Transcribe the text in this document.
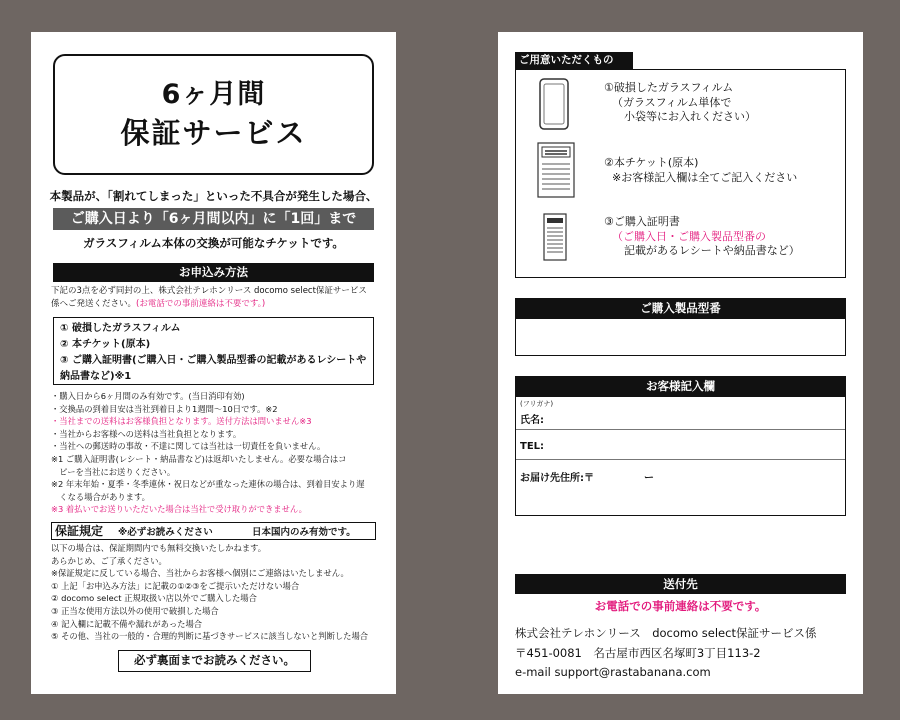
6ヶ月間
保証サービス
本製品が、「割れてしまった」といった不具合が発生した場合、
ご購入日より「6ヶ月間以内」に「1回」まで
ガラスフィルム本体の交換が可能なチケットです。
お申込み方法
下記の3点を必ず同封の上、株式会社テレホンリース docomo select保証サービス
係へご発送ください。(お電話での事前連絡は不要です。)
① 破損したガラスフィルム
② 本チケット(原本)
③ ご購入証明書(ご購入日・ご購入製品型番の記載があるレシートや
納品書など)※1
・購入日から6ヶ月間のみ有効です。(当日消印有効)
・交換品の到着目安は当社到着日より1週間〜10日です。※2
・当社までの送料はお客様負担となります。送付方法は問いません※3
・当社からお客様への送料は当社負担となります。
・当社への郵送時の事故・不達に関しては当社は一切責任を負いません。
※1 ご購入証明書(レシート・納品書など)は返却いたしません。必要な場合はコ
　ピーを当社にお送りください。
※2 年末年始・夏季・冬季連休・祝日などが重なった連休の場合は、到着目安より遅
　くなる場合があります。
※3 着払いでお送りいただいた場合は当社で受け取りができません。
保証規定 ※必ずお読みください	日本国内のみ有効です。
以下の場合は、保証期間内でも無料交換いたしかねます。
あらかじめ、ご了承ください。
※保証規定に反している場合、当社からお客様へ個別にご連絡はいたしません。
① 上記「お申込み方法」に記載の①②③をご提示いただけない場合
② docomo select 正規取扱い店以外でご購入した場合
③ 正当な使用方法以外の使用で破損した場合
④ 記入欄に記載不備や漏れがあった場合
⑤ その他、当社の一般的・合理的判断に基づきサービスに該当しないと判断した場合
必ず裏面までお読みください。
ご用意いただくもの
①破損したガラスフィルム
（ガラスフィルム単体で
小袋等にお入れください）
②本チケット(原本)
※お客様記入欄は全てご記入ください
③ご購入証明書
（ご購入日・ご購入製品型番の
記載があるレシートや納品書など）
ご購入製品型番
お客様記入欄
(フリガナ)
氏名:
TEL:
お届け先住所:〒	ー
送付先
お電話での事前連絡は不要です。
株式会社テレホンリース　docomo select保証サービス係
〒451-0081　名古屋市西区名塚町3丁目113-2
e-mail support@rastabanana.com
